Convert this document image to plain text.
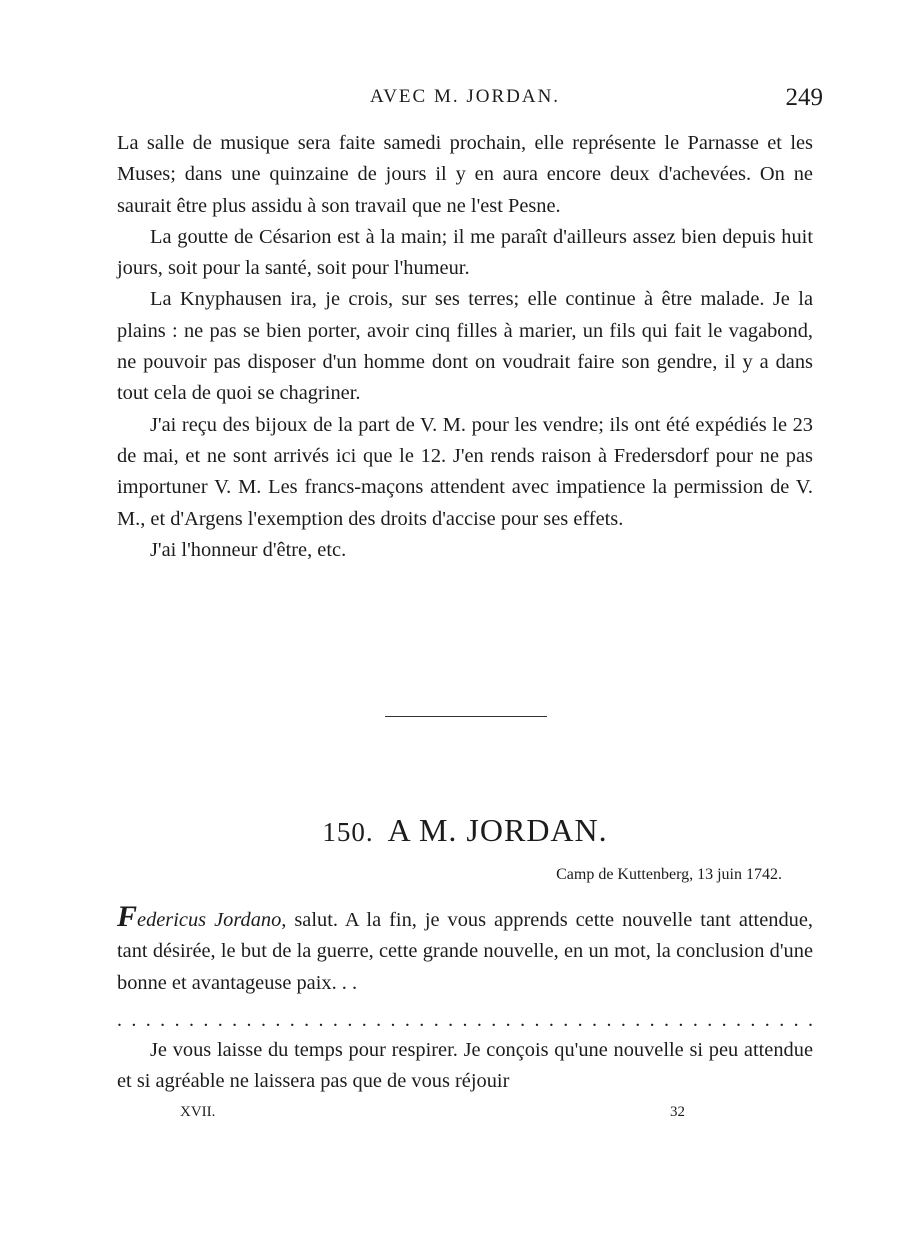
AVEC M. JORDAN.	249

La salle de musique sera faite samedi prochain, elle représente le Parnasse et les Muses; dans une quinzaine de jours il y en aura encore deux d'achevées. On ne saurait être plus assidu à son travail que ne l'est Pesne.

La goutte de Césarion est à la main; il me paraît d'ailleurs assez bien depuis huit jours, soit pour la santé, soit pour l'humeur.

La Knyphausen ira, je crois, sur ses terres; elle continue à être malade. Je la plains : ne pas se bien porter, avoir cinq filles à marier, un fils qui fait le vagabond, ne pouvoir pas disposer d'un homme dont on voudrait faire son gendre, il y a dans tout cela de quoi se chagriner.

J'ai reçu des bijoux de la part de V. M. pour les vendre; ils ont été expédiés le 23 de mai, et ne sont arrivés ici que le 12. J'en rends raison à Fredersdorf pour ne pas importuner V. M. Les francs-maçons attendent avec impatience la permission de V. M., et d'Argens l'exemption des droits d'accise pour ses effets.

J'ai l'honneur d'être, etc.

150. A M. JORDAN.
Camp de Kuttenberg, 13 juin 1742.

Federicus Jordano, salut. A la fin, je vous apprends cette nouvelle tant attendue, tant désirée, le but de la guerre, cette grande nouvelle, en un mot, la conclusion d'une bonne et avantageuse paix. . .

. . . . . . . . . . . . . . . . . . . . . . . . . . . . . . . . . . . . . . . . . . . . . . . . .

Je vous laisse du temps pour respirer. Je conçois qu'une nouvelle si peu attendue et si agréable ne laissera pas que de vous réjouir

XVII.	32
